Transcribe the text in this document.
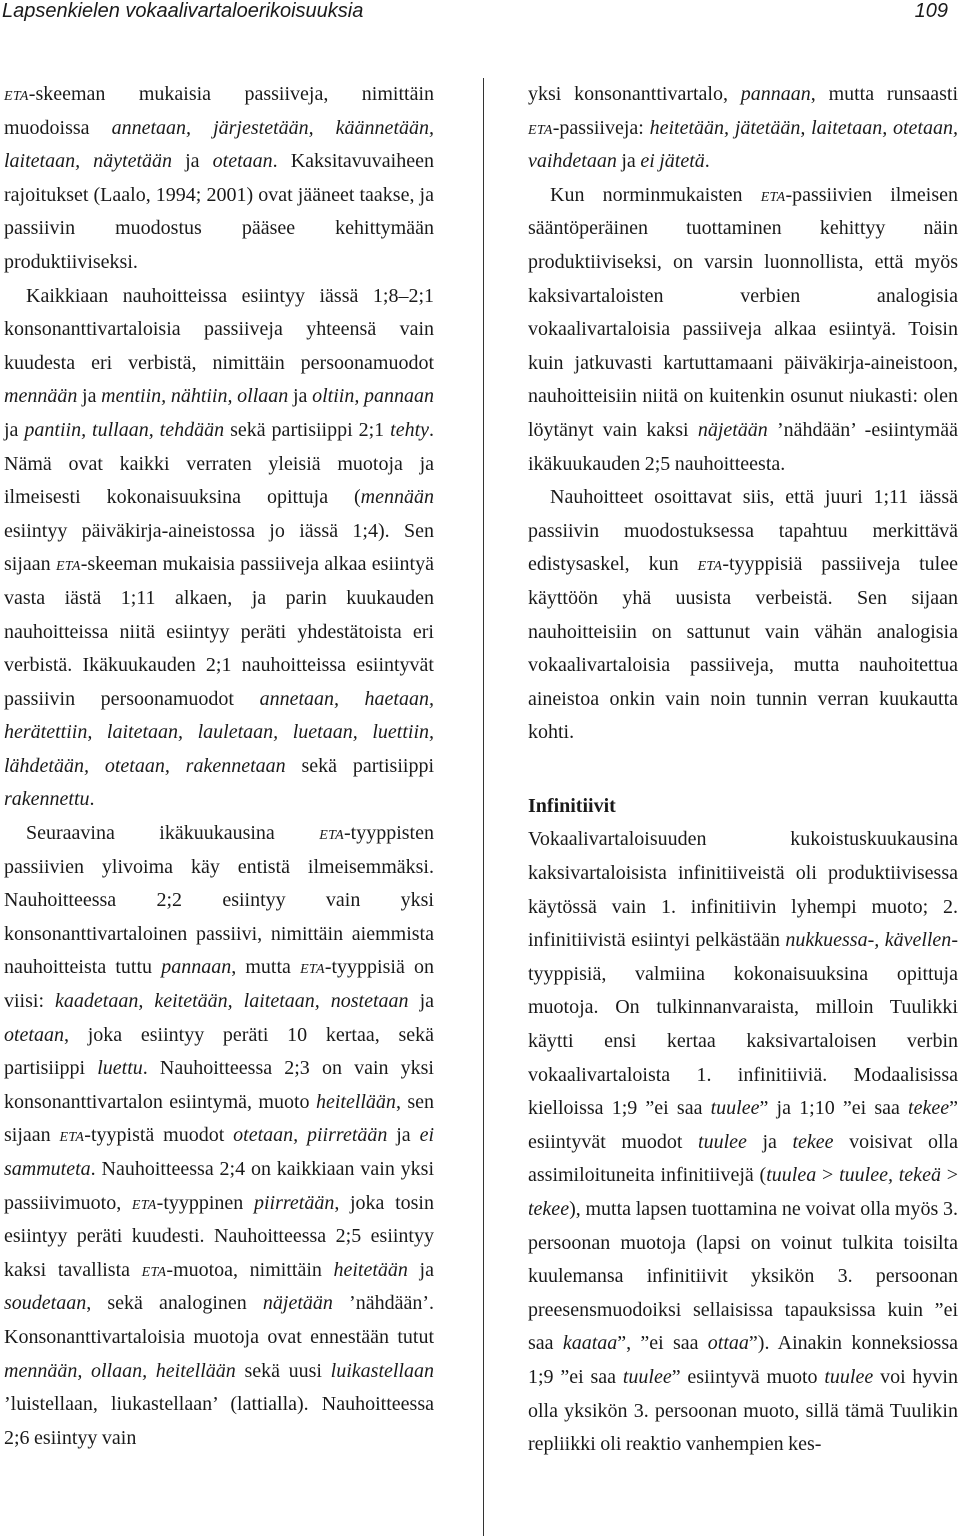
Lapsenkielen vokaalivartaloerikoisuuksia	109

eta-skeeman mukaisia passiiveja, nimittäin muodoissa annetaan, järjestetään, käännetään, laitetaan, näytetään ja otetaan. Kaksitavuvaiheen rajoitukset (Laalo, 1994; 2001) ovat jääneet taakse, ja passiivin muodostus pääsee kehittymään produktiiviseksi.

Kaikkiaan nauhoitteissa esiintyy iässä 1;8–2;1 konsonanttivartaloisia passiiveja yhteensä vain kuudesta eri verbistä, nimittäin persoonamuodot mennään ja mentiin, nähtiin, ollaan ja oltiin, pannaan ja pantiin, tullaan, tehdään sekä partisiippi 2;1 tehty. Nämä ovat kaikki verraten yleisiä muotoja ja ilmeisesti kokonaisuuksina opittuja (mennään esiintyy päiväkirja-aineistossa jo iässä 1;4). Sen sijaan eta-skeeman mukaisia passiiveja alkaa esiintyä vasta iästä 1;11 alkaen, ja parin kuukauden nauhoitteissa niitä esiintyy peräti yhdestätoista eri verbistä. Ikäkuukauden 2;1 nauhoitteissa esiintyvät passiivin persoonamuodot annetaan, haetaan, herätettiin, laitetaan, lauletaan, luetaan, luettiin, lähdetään, otetaan, rakennetaan sekä partisiippi rakennettu.

Seuraavina ikäkuukausina eta-tyyppisten passiivien ylivoima käy entistä ilmeisemmäksi. Nauhoitteessa 2;2 esiintyy vain yksi konsonanttivartaloinen passiivi, nimittäin aiemmista nauhoitteista tuttu pannaan, mutta eta-tyyppisiä on viisi: kaadetaan, keitetään, laitetaan, nostetaan ja otetaan, joka esiintyy peräti 10 kertaa, sekä partisiippi luettu. Nauhoitteessa 2;3 on vain yksi konsonanttivartalon esiintymä, muoto heitellään, sen sijaan eta-tyypistä muodot otetaan, piirretään ja ei sammuteta. Nauhoitteessa 2;4 on kaikkiaan vain yksi passiivimuoto, eta-tyyppinen piirretään, joka tosin esiintyy peräti kuudesti. Nauhoitteessa 2;5 esiintyy kaksi tavallista eta-muotoa, nimittäin heitetään ja soudetaan, sekä analoginen näjetään ’nähdään’. Konsonanttivartaloisia muotoja ovat ennestään tutut mennään, ollaan, heitellään sekä uusi luikastellaan ’luistellaan, liukastellaan’ (lattialla). Nauhoitteessa 2;6 esiintyy vain

yksi konsonanttivartalo, pannaan, mutta runsaasti eta-passiiveja: heitetään, jätetään, laitetaan, otetaan, vaihdetaan ja ei jätetä.

Kun norminmukaisten eta-passiivien ilmeisen sääntöperäinen tuottaminen kehittyy näin produktiiviseksi, on varsin luonnollista, että myös kaksivartaloisten verbien analogisia vokaalivartaloisia passiiveja alkaa esiintyä. Toisin kuin jatkuvasti kartuttamaani päiväkirja-aineistoon, nauhoitteisiin niitä on kuitenkin osunut niukasti: olen löytänyt vain kaksi näjetään ’nähdään’ -esiintymää ikäkuukauden 2;5 nauhoitteesta.

Nauhoitteet osoittavat siis, että juuri 1;11 iässä passiivin muodostuksessa tapahtuu merkittävä edistysaskel, kun eta-tyyppisiä passiiveja tulee käyttöön yhä uusista verbeistä. Sen sijaan nauhoitteisiin on sattunut vain vähän analogisia vokaalivartaloisia passiiveja, mutta nauhoitettua aineistoa onkin vain noin tunnin verran kuukautta kohti.

Infinitiivit

Vokaalivartaloisuuden kukoistuskuukausina kaksivartaloisista infinitiiveistä oli produktiivisessa käytössä vain 1. infinitiivin lyhempi muoto; 2. infinitiivistä esiintyi pelkästään nukkuessa-, kävellen-tyyppisiä, valmiina kokonaisuuksina opittuja muotoja. On tulkinnanvaraista, milloin Tuulikki käytti ensi kertaa kaksivartaloisen verbin vokaalivartaloista 1. infinitiiviä. Modaalisissa kielloissa 1;9 ”ei saa tuulee” ja 1;10 ”ei saa tekee” esiintyvät muodot tuulee ja tekee voisivat olla assimiloituneita infinitiivejä (tuulea > tuulee, tekeä > tekee), mutta lapsen tuottamina ne voivat olla myös 3. persoonan muotoja (lapsi on voinut tulkita toisilta kuulemansa infinitiivit yksikön 3. persoonan preesensmuodoiksi sellaisissa tapauksissa kuin ”ei saa kaataa”, ”ei saa ottaa”). Ainakin konneksiossa 1;9 ”ei saa tuulee” esiintyvä muoto tuulee voi hyvin olla yksikön 3. persoonan muoto, sillä tämä Tuulikin repliikki oli reaktio vanhempien kes-
